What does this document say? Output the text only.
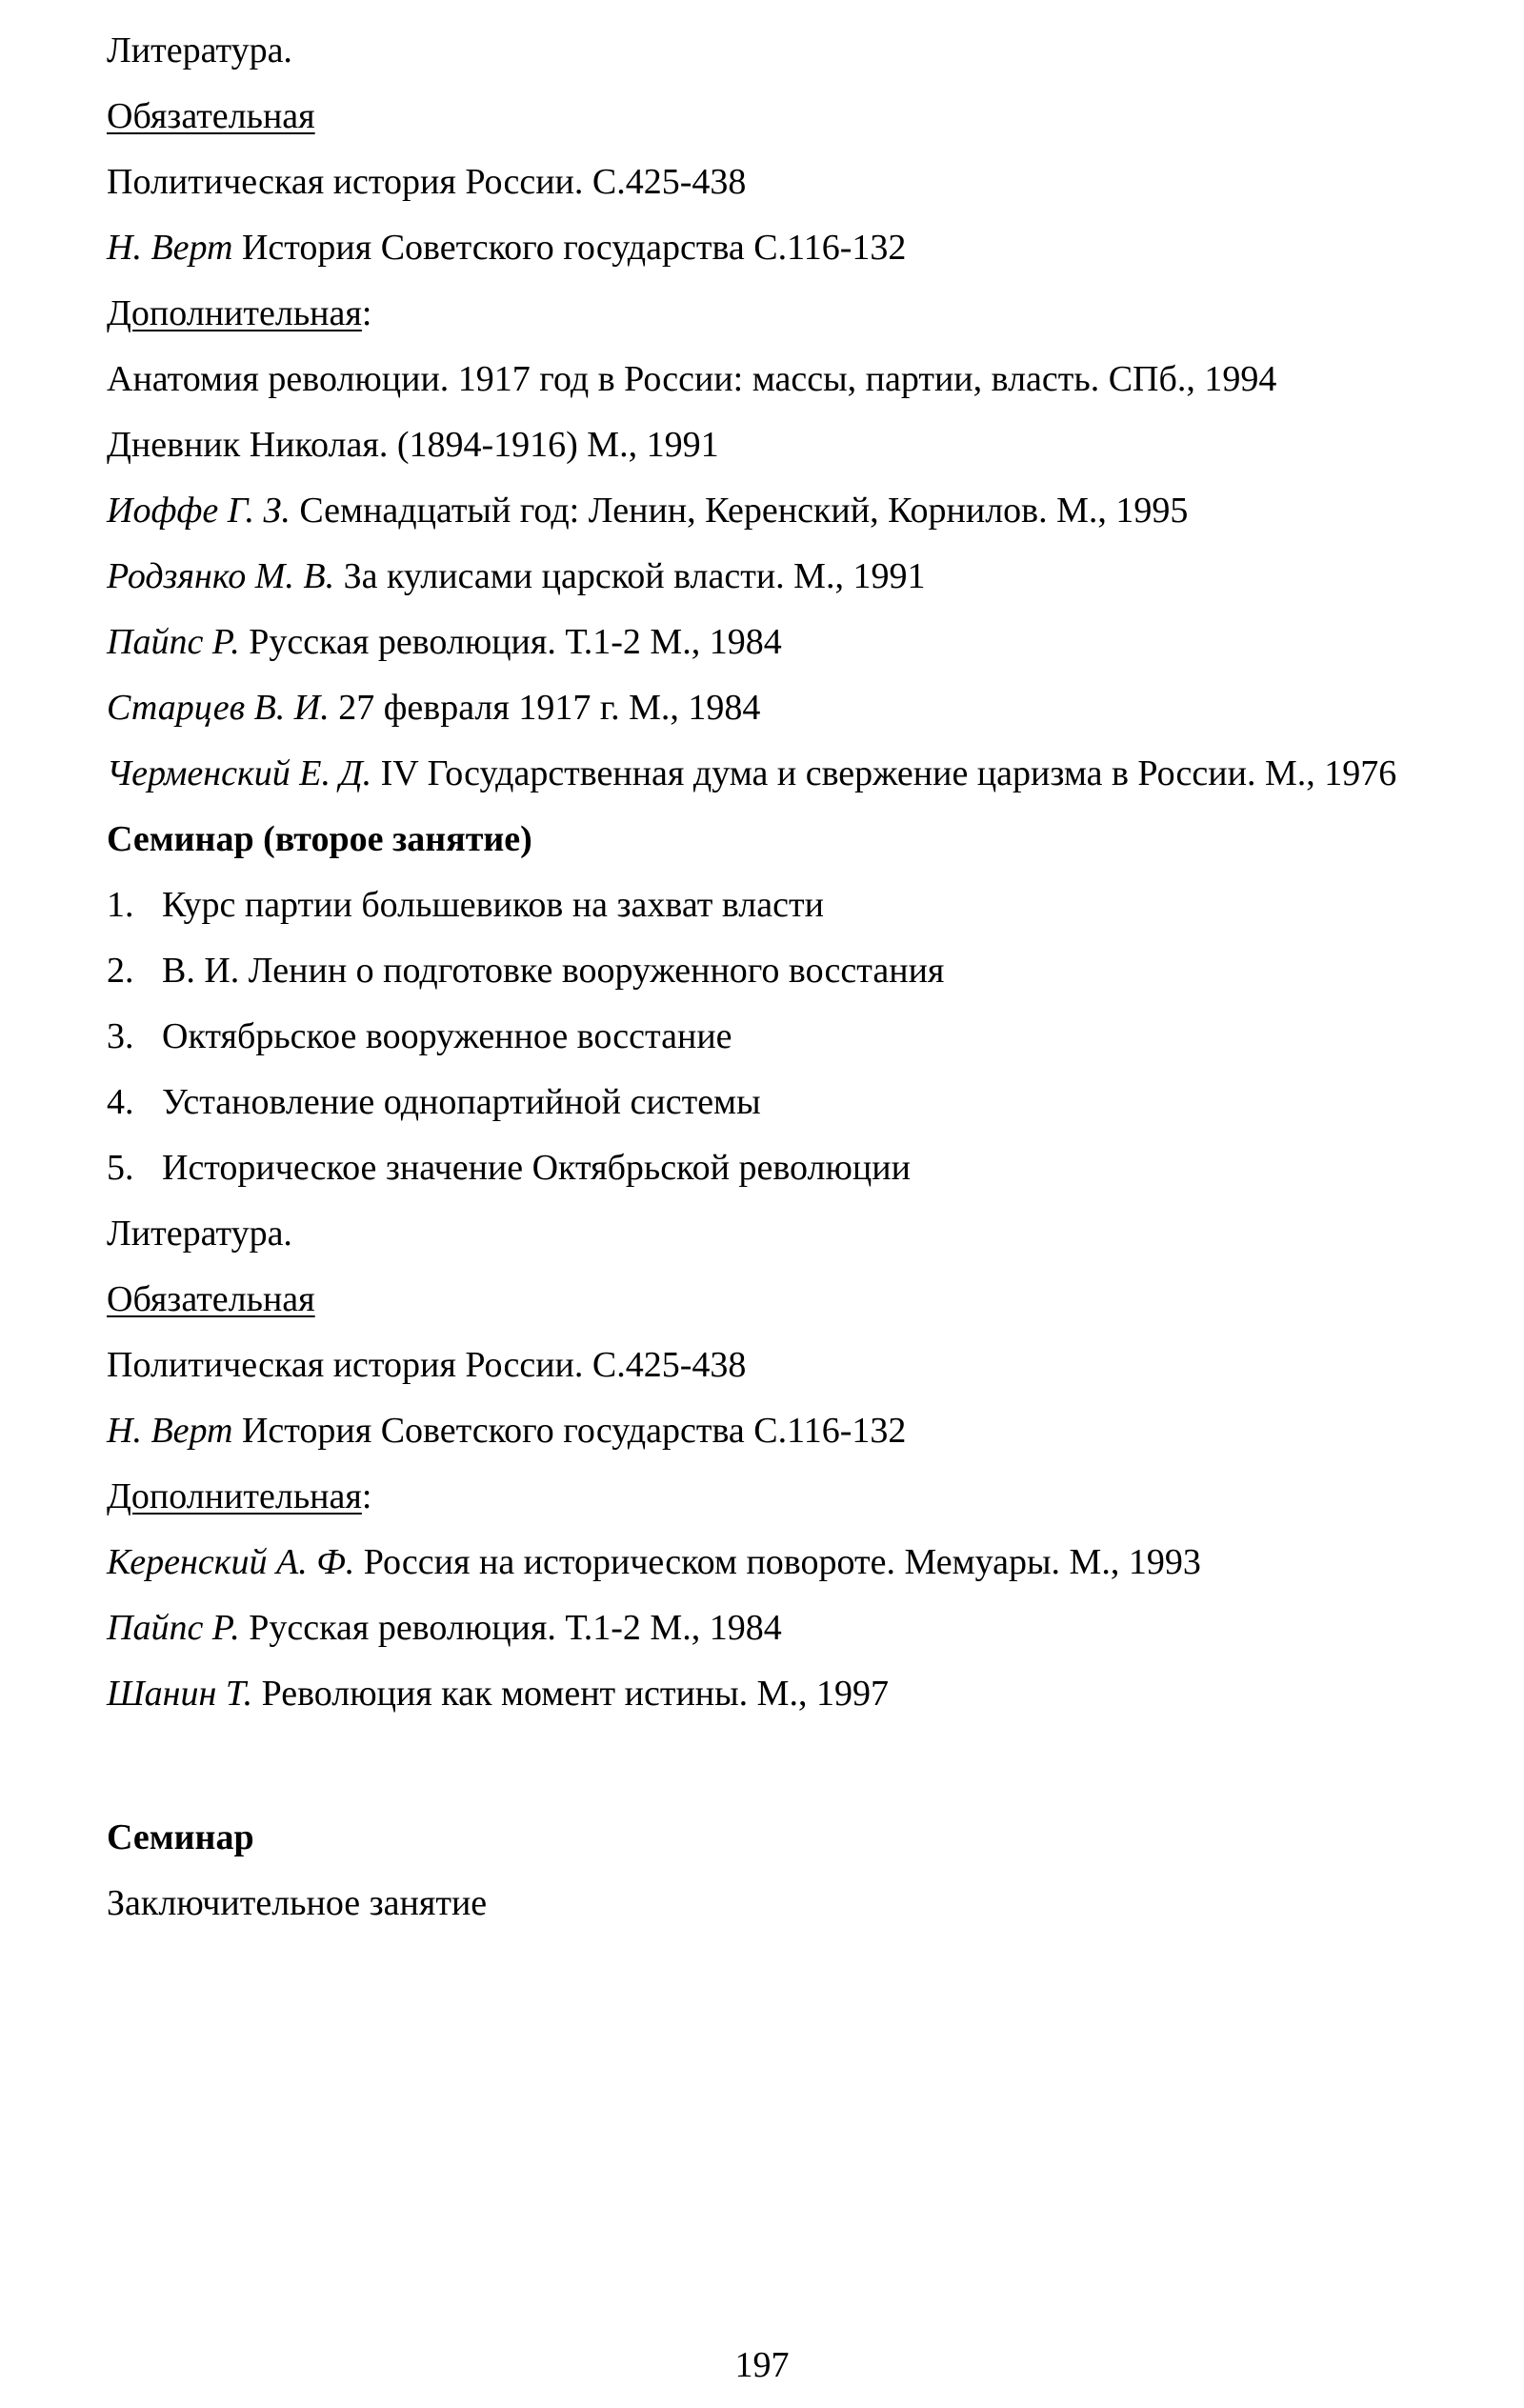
Литература.
Обязательная
Политическая история России. С.425-438
Н. Верт История Советского государства С.116-132
Дополнительная:
Анатомия революции. 1917 год в России: массы, партии, власть. СПб., 1994
Дневник Николая. (1894-1916) М., 1991
Иоффе Г. З. Семнадцатый год: Ленин, Керенский, Корнилов. М., 1995
Родзянко М. В. За кулисами царской власти. М., 1991
Пайпс Р. Русская революция. Т.1-2 М., 1984
Старцев В. И. 27 февраля 1917 г. М., 1984
Черменский Е. Д. IV Государственная дума и свержение царизма в России. М., 1976
Семинар (второе занятие)
1. Курс партии большевиков на захват власти
2. В. И. Ленин о подготовке вооруженного восстания
3. Октябрьское вооруженное восстание
4. Установление однопартийной системы
5. Историческое значение Октябрьской революции
Литература.
Обязательная
Политическая история России. С.425-438
Н. Верт История Советского государства С.116-132
Дополнительная:
Керенский А. Ф. Россия на историческом повороте. Мемуары. М., 1993
Пайпс Р. Русская революция. Т.1-2 М., 1984
Шанин Т. Революция как момент истины. М., 1997
Семинар
Заключительное занятие
197
